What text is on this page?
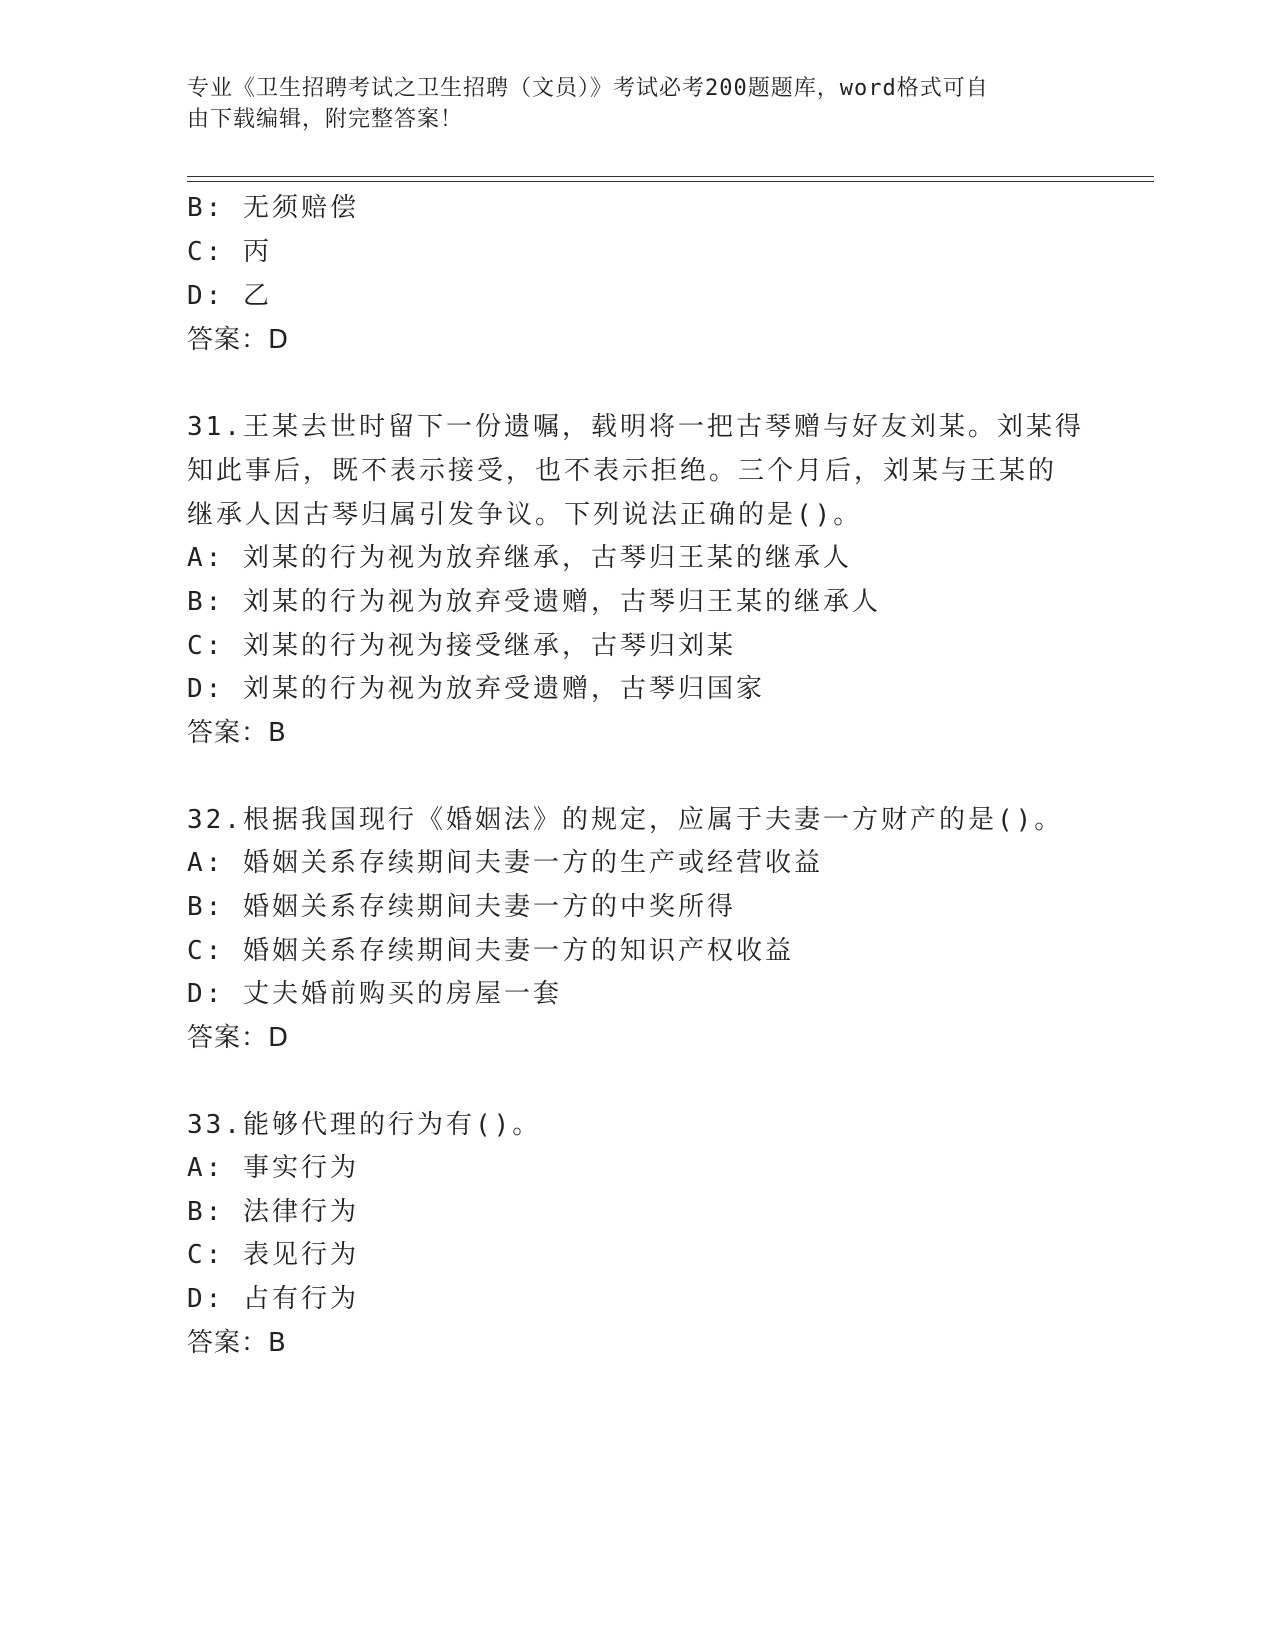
专业《卫生招聘考试之卫生招聘（文员）》考试必考200题题库，word格式可自
由下载编辑，附完整答案！
B: 无须赔偿
C: 丙
D: 乙
答案：D
31.王某去世时留下一份遗嘱，载明将一把古琴赠与好友刘某。刘某得
知此事后，既不表示接受，也不表示拒绝。三个月后，刘某与王某的
继承人因古琴归属引发争议。下列说法正确的是()。
A: 刘某的行为视为放弃继承，古琴归王某的继承人
B: 刘某的行为视为放弃受遗赠，古琴归王某的继承人
C: 刘某的行为视为接受继承，古琴归刘某
D: 刘某的行为视为放弃受遗赠，古琴归国家
答案：B
32.根据我国现行《婚姻法》的规定，应属于夫妻一方财产的是()。
A: 婚姻关系存续期间夫妻一方的生产或经营收益
B: 婚姻关系存续期间夫妻一方的中奖所得
C: 婚姻关系存续期间夫妻一方的知识产权收益
D: 丈夫婚前购买的房屋一套
答案：D
33.能够代理的行为有()。
A: 事实行为
B: 法律行为
C: 表见行为
D: 占有行为
答案：B
